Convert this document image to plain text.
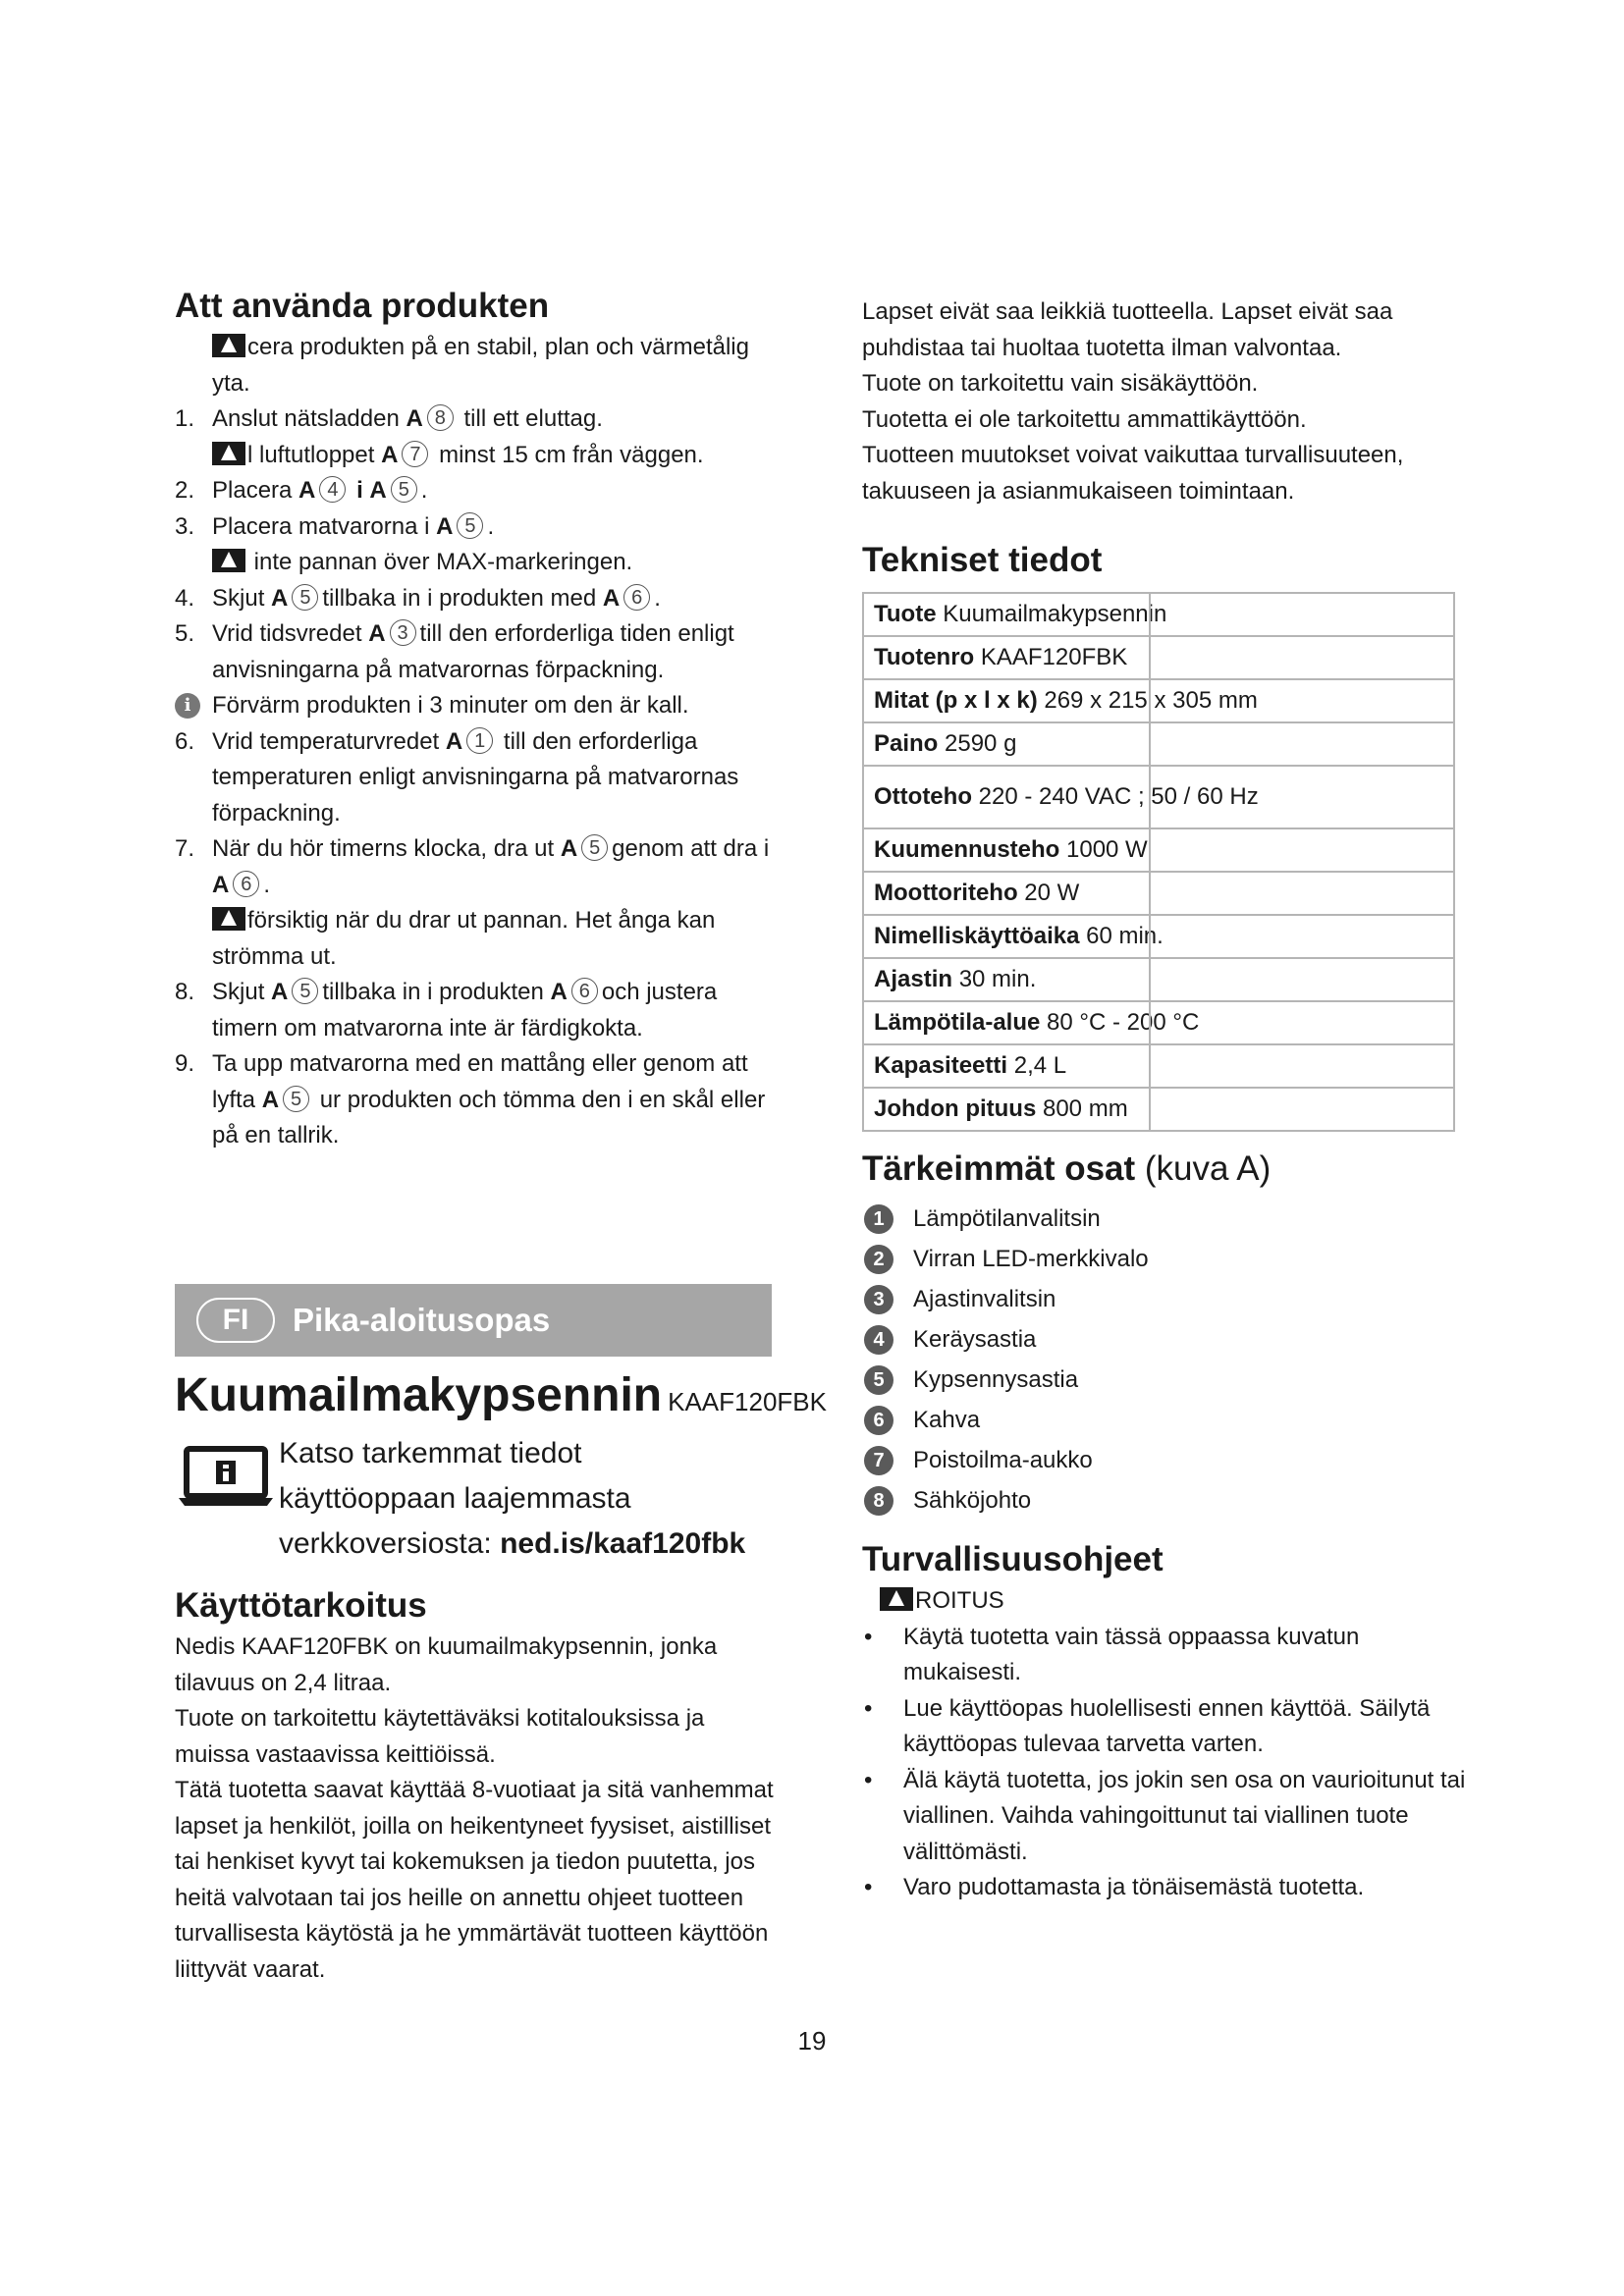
Att använda produkten

cera produkten på en stabil, plan och värmetålig yta.

1. Anslut nätsladden A 8 till ett eluttag.
l luftutloppet A 7 minst 15 cm från väggen.
2. Placera A 4 i A 5 .
3. Placera matvarorna i A 5 .
inte pannan över MAX-markeringen.
4. Skjut A 5 tillbaka in i produkten med A 6 .
5. Vrid tidsvredet A 3 till den erforderliga tiden enligt anvisningarna på matvarornas förpackning.

i Förvärm produkten i 3 minuter om den är kall.

6. Vrid temperaturvredet A 1 till den erforderliga temperaturen enligt anvisningarna på matvarornas förpackning.
7. När du hör timerns klocka, dra ut A 5 genom att dra i A 6 .
försiktig när du drar ut pannan. Het ånga kan strömma ut.
8. Skjut A 5 tillbaka in i produkten A 6 och justera timern om matvarorna inte är färdigkokta.
9. Ta upp matvarorna med en mattång eller genom att lyfta A 5 ur produkten och tömma den i en skål eller på en tallrik.
FI	Pika-aloitusopas
Kuumailmakypsennin KAAF120FBK
Katso tarkemmat tiedot
käyttöoppaan laajemmasta
verkkoversiosta: ned.is/kaaf120fbk
Käyttötarkoitus

Nedis KAAF120FBK on kuumailmakypsennin, jonka tilavuus on 2,4 litraa.

Tuote on tarkoitettu käytettäväksi kotitalouksissa ja muissa vastaavissa keittiöissä.

Tätä tuotetta saavat käyttää 8-vuotiaat ja sitä vanhemmat lapset ja henkilöt, joilla on heikentyneet fyysiset, aistilliset tai henkiset kyvyt tai kokemuksen ja tiedon puutetta, jos heitä valvotaan tai jos heille on annettu ohjeet tuotteen turvallisesta käytöstä ja he ymmärtävät tuotteen käyttöön liittyvät vaarat.

Lapset eivät saa leikkiä tuotteella. Lapset eivät saa puhdistaa tai huoltaa tuotetta ilman valvontaa.

Tuote on tarkoitettu vain sisäkäyttöön.

Tuotetta ei ole tarkoitettu ammattikäyttöön.

Tuotteen muutokset voivat vaikuttaa turvallisuuteen, takuuseen ja asianmukaiseen toimintaan.

Tekniset tiedot
Tuote Kuumailmakypsennin

Tuotenro KAAF120FBK

Mitat (p x l x k) 269 x 215 x 305 mm

Paino 2590 g

Ottoteho 220 - 240 VAC ; 50 / 60 Hz

Kuumennusteho 1000 W

Moottoriteho 20 W

Nimelliskäyttöaika 60 min.

Ajastin 30 min.

Lämpötila-alue 80 °C - 200 °C

Kapasiteetti 2,4 L

Johdon pituus 800 mm
Tärkeimmät osat (kuva A)
1	Lämpötilanvalitsin
2	Virran LED-merkkivalo
3	Ajastinvalitsin
4	Keräysastia
5	Kypsennysastia
6	Kahva
7	Poistoilma-aukko
8	Sähköjohto
Turvallisuusohjeet

ROITUS

• Käytä tuotetta vain tässä oppaassa kuvatun mukaisesti.
• Lue käyttöopas huolellisesti ennen käyttöä. Säilytä käyttöopas tulevaa tarvetta varten.
• Älä käytä tuotetta, jos jokin sen osa on vaurioitunut tai viallinen. Vaihda vahingoittunut tai viallinen tuote välittömästi.
• Varo pudottamasta ja tönäisemästä tuotetta.
19
